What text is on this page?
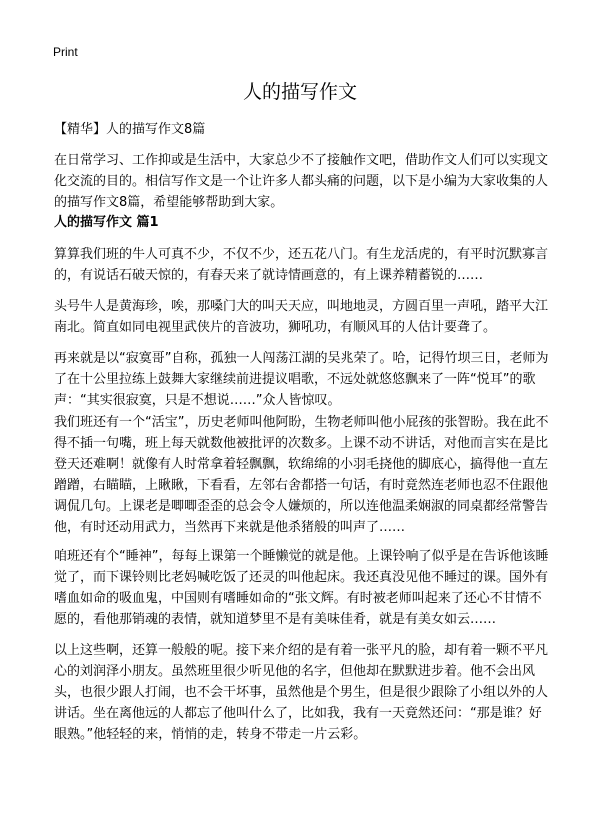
Print
人的描写作文
【精华】人的描写作文8篇

在日常学习、工作抑或是生活中，大家总少不了接触作文吧，借助作文人们可以实现文化交流的目的。相信写作文是一个让许多人都头痛的问题，以下是小编为大家收集的人的描写作文8篇，希望能够帮助到大家。

人的描写作文 篇1

算算我们班的牛人可真不少，不仅不少，还五花八门。有生龙活虎的，有平时沉默寡言的，有说话石破天惊的，有春天来了就诗情画意的，有上课养精蓄锐的……

头号牛人是黄海珍，唉，那嗓门大的叫天天应，叫地地灵，方圆百里一声吼，踏平大江南北。简直如同电视里武侠片的音波功，狮吼功，有顺风耳的人估计要聋了。

再来就是以“寂寞哥”自称，孤独一人闯荡江湖的吴兆荣了。哈，记得竹坝三日，老师为了在十公里拉练上鼓舞大家继续前进提议唱歌，不远处就悠悠飘来了一阵“悦耳”的歌声：“其实很寂寞，只是不想说……”众人皆惊叹。

我们班还有一个“活宝”，历史老师叫他阿盼，生物老师叫他小屁孩的张智盼。我在此不得不插一句嘴，班上每天就数他被批评的次数多。上课不动不讲话，对他而言实在是比登天还难啊！就像有人时常拿着轻飘飘，软绵绵的小羽毛挠他的脚底心，搞得他一直左蹭蹭，右瞄瞄，上瞅瞅，下看看，左邻右舍都搭一句话，有时竟然连老师也忍不住跟他调侃几句。上课老是唧唧歪歪的总会令人嫌烦的，所以连他温柔娴淑的同桌都经常警告他，有时还动用武力，当然再下来就是他杀猪般的叫声了……

咱班还有个“睡神”，每每上课第一个睡懒觉的就是他。上课铃响了似乎是在告诉他该睡觉了，而下课铃则比老妈喊吃饭了还灵的叫他起床。我还真没见他不睡过的课。国外有嗜血如命的吸血鬼，中国则有嗜睡如命的“张文辉。有时被老师叫起来了还心不甘情不愿的，看他那销魂的表情，就知道梦里不是有美味佳肴，就是有美女如云……

以上这些啊，还算一般般的呢。接下来介绍的是有着一张平凡的脸，却有着一颗不平凡心的刘润泽小朋友。虽然班里很少听见他的名字，但他却在默默进步着。他不会出风头，也很少跟人打闹，也不会干坏事，虽然他是个男生，但是很少跟除了小组以外的人讲话。坐在离他远的人都忘了他叫什么了，比如我，我有一天竟然还问：“那是谁？好眼熟。”他轻轻的来，悄悄的走，转身不带走一片云彩。
